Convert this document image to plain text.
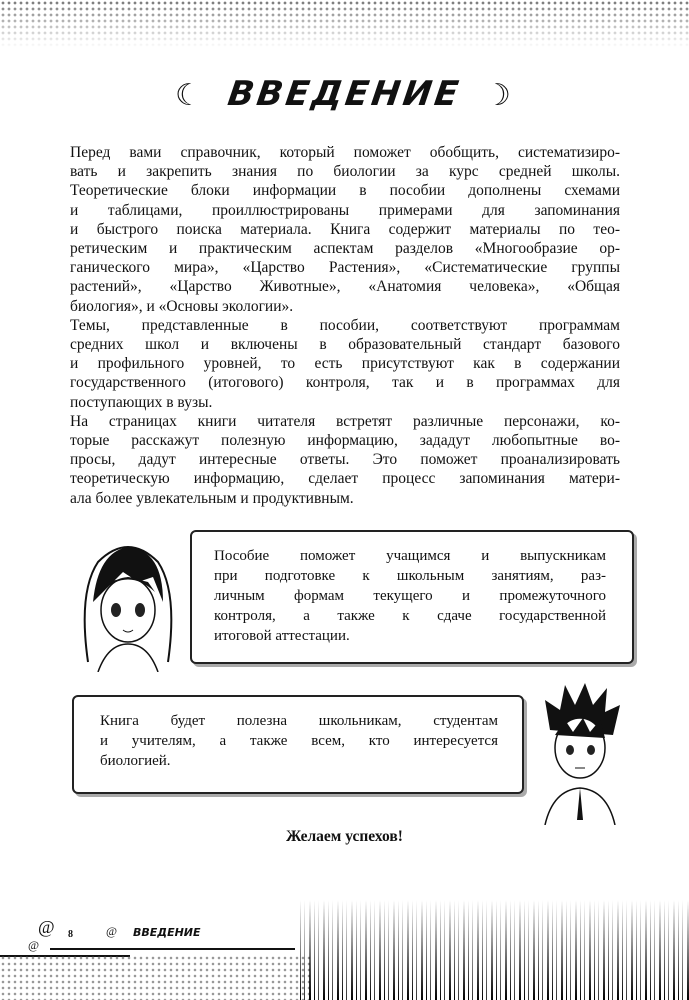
☾	☽
ВВЕДЕНИЕ
Перед вами справочник, который поможет обобщить, систематизиро-
вать и закрепить знания по биологии за курс средней школы.
Теоретические блоки информации в пособии дополнены схемами
и таблицами, проиллюстрированы примерами для запоминания
и быстрого поиска материала. Книга содержит материалы по тео-
ретическим и практическим аспектам разделов «Многообразие ор-
ганического мира», «Царство Растения», «Систематические группы
растений», «Царство Животные», «Анатомия человека», «Общая
биология», и «Основы экологии».
Темы, представленные в пособии, соответствуют программам
средних школ и включены в образовательный стандарт базового
и профильного уровней, то есть присутствуют как в содержании
государственного (итогового) контроля, так и в программах для
поступающих в вузы.
На страницах книги читателя встретят различные персонажи, ко-
торые расскажут полезную информацию, зададут любопытные во-
просы, дадут интересные ответы. Это поможет проанализировать
теоретическую информацию, сделает процесс запоминания матери-
ала более увлекательным и продуктивным.
Пособие поможет учащимся и выпускникам
при подготовке к школьным занятиям, раз-
личным формам текущего и промежуточного
контроля, а также к сдаче государственной
итоговой аттестации.
Книга будет полезна школьникам, студентам
и учителям, а также всем, кто интересуется
биологией.
Желаем успехов!
@
@
@
8	ВВЕДЕНИЕ
